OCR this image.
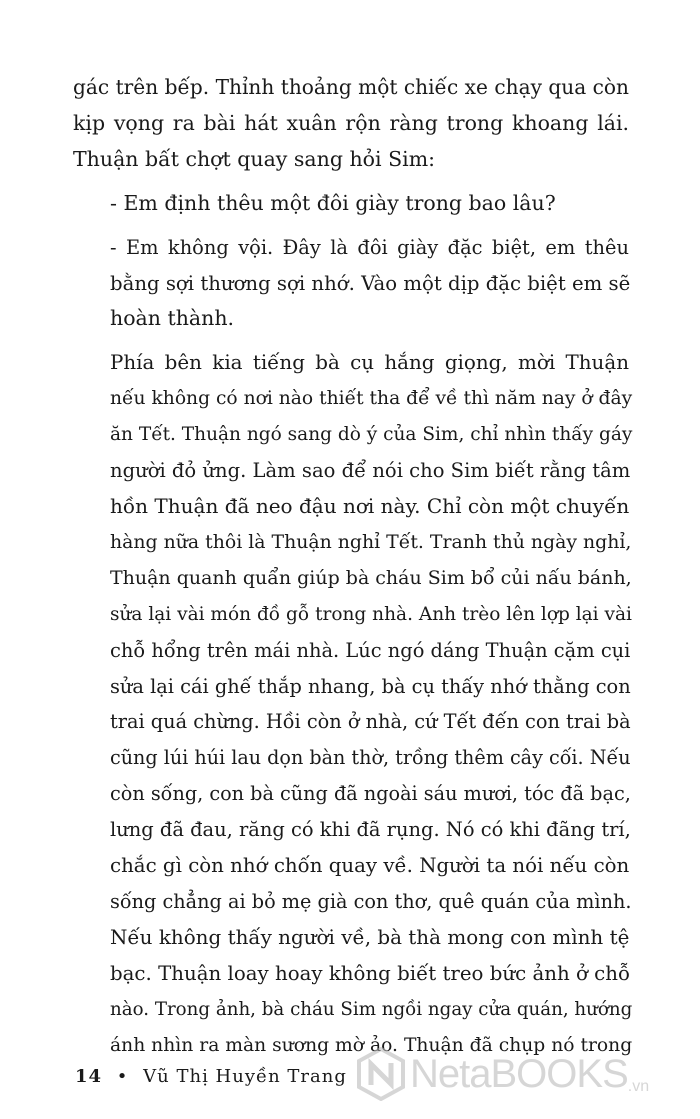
gác trên bếp. Thỉnh thoảng một chiếc xe chạy qua còn
kịp vọng ra bài hát xuân rộn ràng trong khoang lái.
Thuận bất chợt quay sang hỏi Sim:

- Em định thêu một đôi giày trong bao lâu?

- Em không vội. Đây là đôi giày đặc biệt, em thêu
bằng sợi thương sợi nhớ. Vào một dịp đặc biệt em sẽ
hoàn thành.

Phía bên kia tiếng bà cụ hắng giọng, mời Thuận
nếu không có nơi nào thiết tha để về thì năm nay ở đây
ăn Tết. Thuận ngó sang dò ý của Sim, chỉ nhìn thấy gáy
người đỏ ửng. Làm sao để nói cho Sim biết rằng tâm
hồn Thuận đã neo đậu nơi này. Chỉ còn một chuyến
hàng nữa thôi là Thuận nghỉ Tết. Tranh thủ ngày nghỉ,
Thuận quanh quẩn giúp bà cháu Sim bổ củi nấu bánh,
sửa lại vài món đồ gỗ trong nhà. Anh trèo lên lợp lại vài
chỗ hổng trên mái nhà. Lúc ngó dáng Thuận cặm cụi
sửa lại cái ghế thắp nhang, bà cụ thấy nhớ thằng con
trai quá chừng. Hồi còn ở nhà, cứ Tết đến con trai bà
cũng lúi húi lau dọn bàn thờ, trồng thêm cây cối. Nếu
còn sống, con bà cũng đã ngoài sáu mươi, tóc đã bạc,
lưng đã đau, răng có khi đã rụng. Nó có khi đãng trí,
chắc gì còn nhớ chốn quay về. Người ta nói nếu còn
sống chẳng ai bỏ mẹ già con thơ, quê quán của mình.
Nếu không thấy người về, bà thà mong con mình tệ
bạc. Thuận loay hoay không biết treo bức ảnh ở chỗ
nào. Trong ảnh, bà cháu Sim ngồi ngay cửa quán, hướng
ánh nhìn ra màn sương mờ ảo. Thuận đã chụp nó trong

14 • Vũ Thị Huyền Trang NetaBOOKS .vn
